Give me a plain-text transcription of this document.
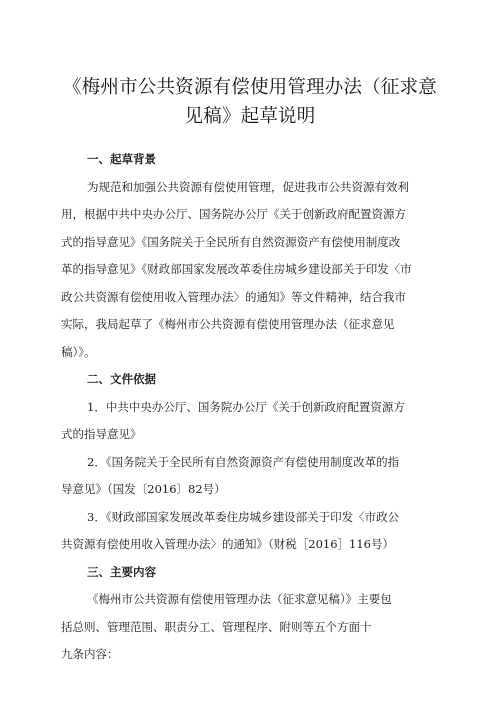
《梅州市公共资源有偿使用管理办法（征求意
见稿》起草说明
一、起草背景
为规范和加强公共资源有偿使用管理，促进我市公共资源有效利
用，根据中共中央办公厅、国务院办公厅《关于创新政府配置资源方
式的指导意见》《国务院关于全民所有自然资源资产有偿使用制度改
革的指导意见》《财政部国家发展改革委住房城乡建设部关于印发〈市
政公共资源有偿使用收入管理办法〉的通知》等文件精神，结合我市
实际，我局起草了《梅州市公共资源有偿使用管理办法（征求意见
稿）》。
二、文件依据
1．中共中央办公厅、国务院办公厅《关于创新政府配置资源方
式的指导意见》
2．《国务院关于全民所有自然资源资产有偿使用制度改革的指
导意见》（国发〔2016〕82号）
3．《财政部国家发展改革委住房城乡建设部关于印发〈市政公
共资源有偿使用收入管理办法〉的通知》（财税［2016］116号）
三、主要内容
《梅州市公共资源有偿使用管理办法（征求意见稿）》主要包
括总则、管理范围、职责分工、管理程序、附则等五个方面十
九条内容：
